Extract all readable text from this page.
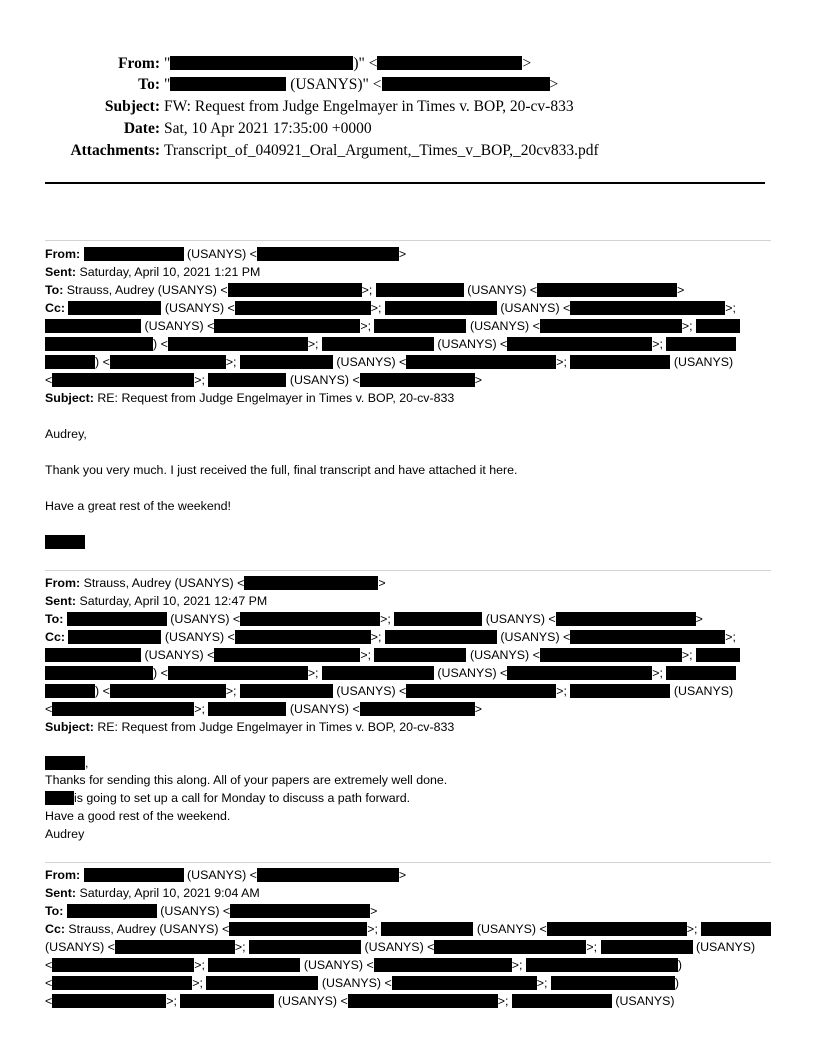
From: "	)" <	>
To: "	(USANYS)" <	>
Subject: FW: Request from Judge Engelmayer in Times v. BOP, 20-cv-833
Date: Sat, 10 Apr 2021 17:35:00 +0000
Attachments: Transcript_of_040921_Oral_Argument,_Times_v_BOP,_20cv833.pdf
From:	(USANYS) <	>
Sent: Saturday, April 10, 2021 1:21 PM
To: Strauss, Audrey (USANYS) <	>;	(USANYS) <	>
Cc:	(USANYS) <	>;	(USANYS) <	>;
(USANYS) <	>;	(USANYS) <	>;
) <	>;	(USANYS) <	>;
) <	>;	(USANYS) <	>;	(USANYS)
<	>;	(USANYS) <	>
Subject: RE: Request from Judge Engelmayer in Times v. BOP, 20-cv-833
Audrey,
Thank you very much. I just received the full, final transcript and have attached it here.
Have a great rest of the weekend!
From: Strauss, Audrey (USANYS) <	>
Sent: Saturday, April 10, 2021 12:47 PM
To:	(USANYS) <	>;	(USANYS) <	>
Cc:	(USANYS) <	>;	(USANYS) <	>;
(USANYS) <	>;	(USANYS) <	>;
) <	>;	(USANYS) <	>;
) <	>;	(USANYS) <	>;	(USANYS)
<	>;	(USANYS) <	>
Subject: RE: Request from Judge Engelmayer in Times v. BOP, 20-cv-833
,
Thanks for sending this along. All of your papers are extremely well done.
is going to set up a call for Monday to discuss a path forward.
Have a good rest of the weekend.
Audrey
From:	(USANYS) <	>
Sent: Saturday, April 10, 2021 9:04 AM
To:	(USANYS) <	>
Cc: Strauss, Audrey (USANYS) <	>;	(USANYS) <	>;
(USANYS) <	>;	(USANYS) <	>;	(USANYS)
<	>;	(USANYS) <	>;	)
<	>;	(USANYS) <	>;	)
<	>;	(USANYS) <	>;	(USANYS)
